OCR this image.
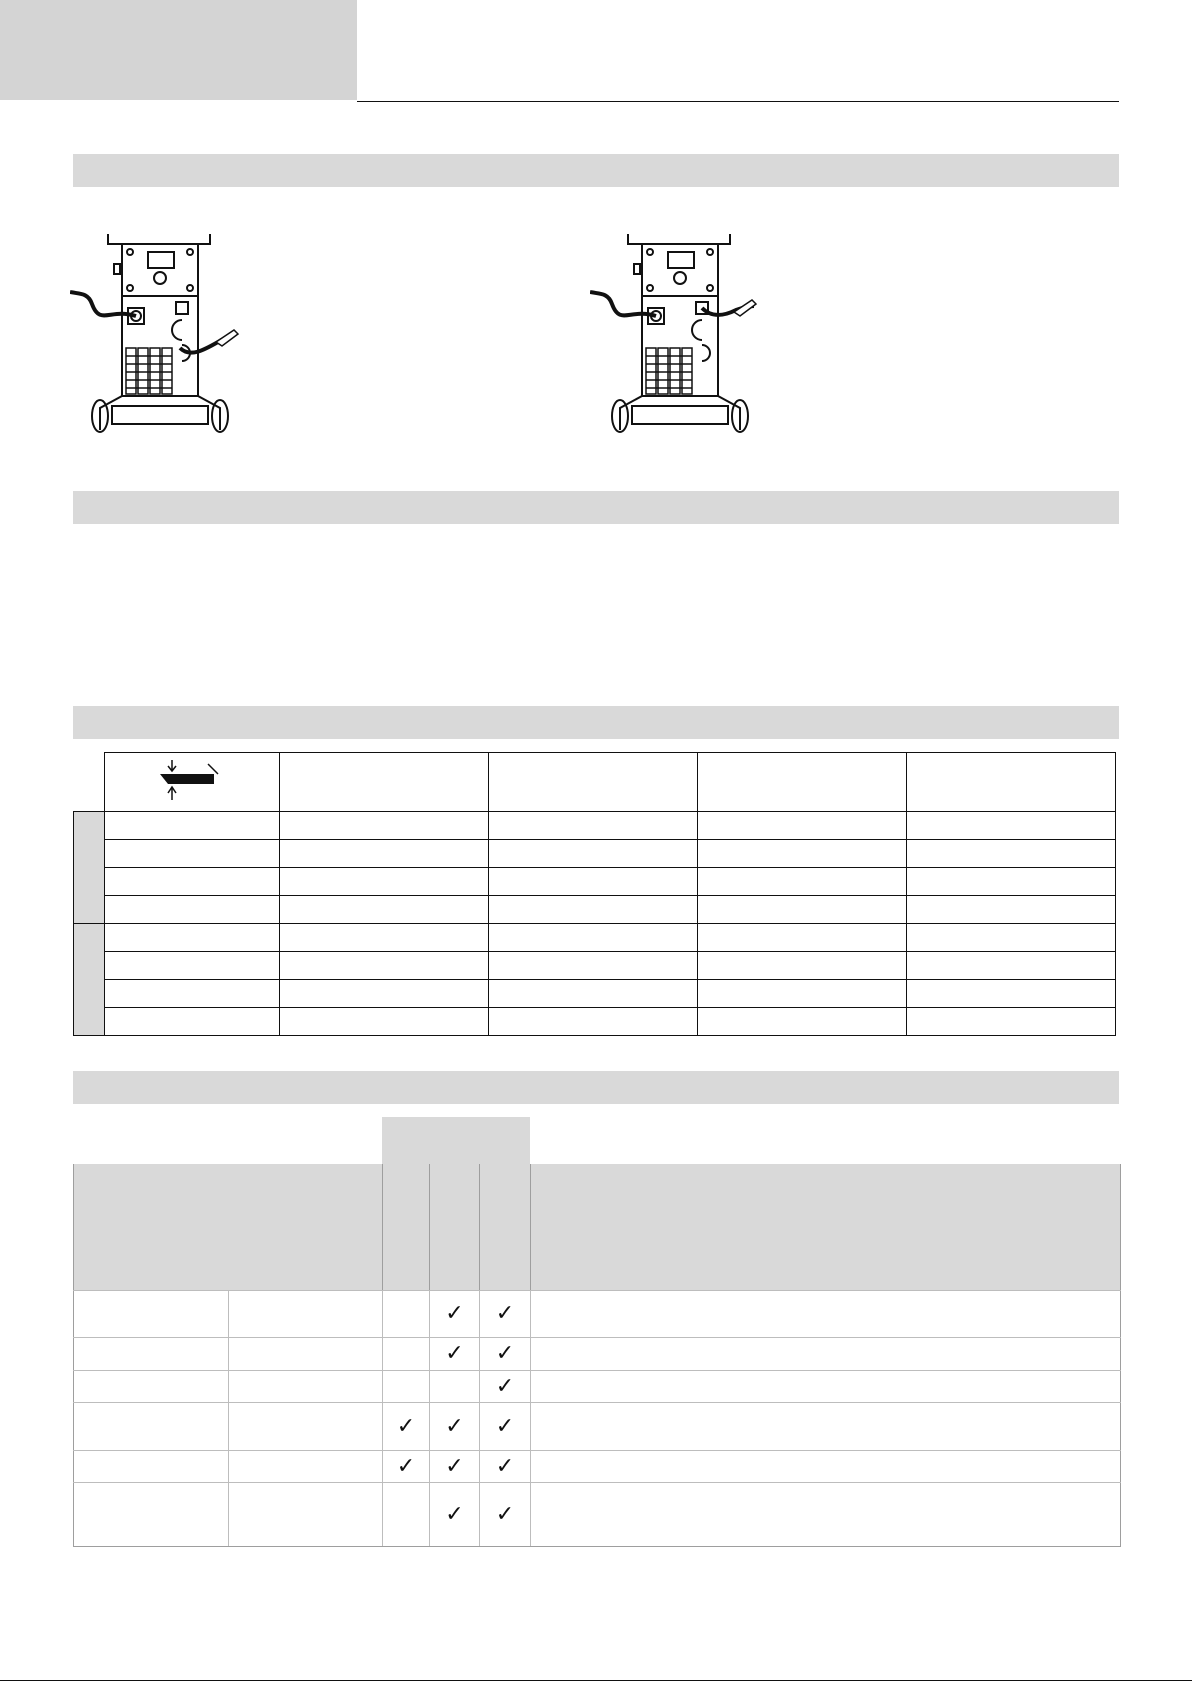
			✓	✓	
			✓	✓	
				✓	
		✓	✓	✓	
		✓	✓	✓	
			✓	✓	
